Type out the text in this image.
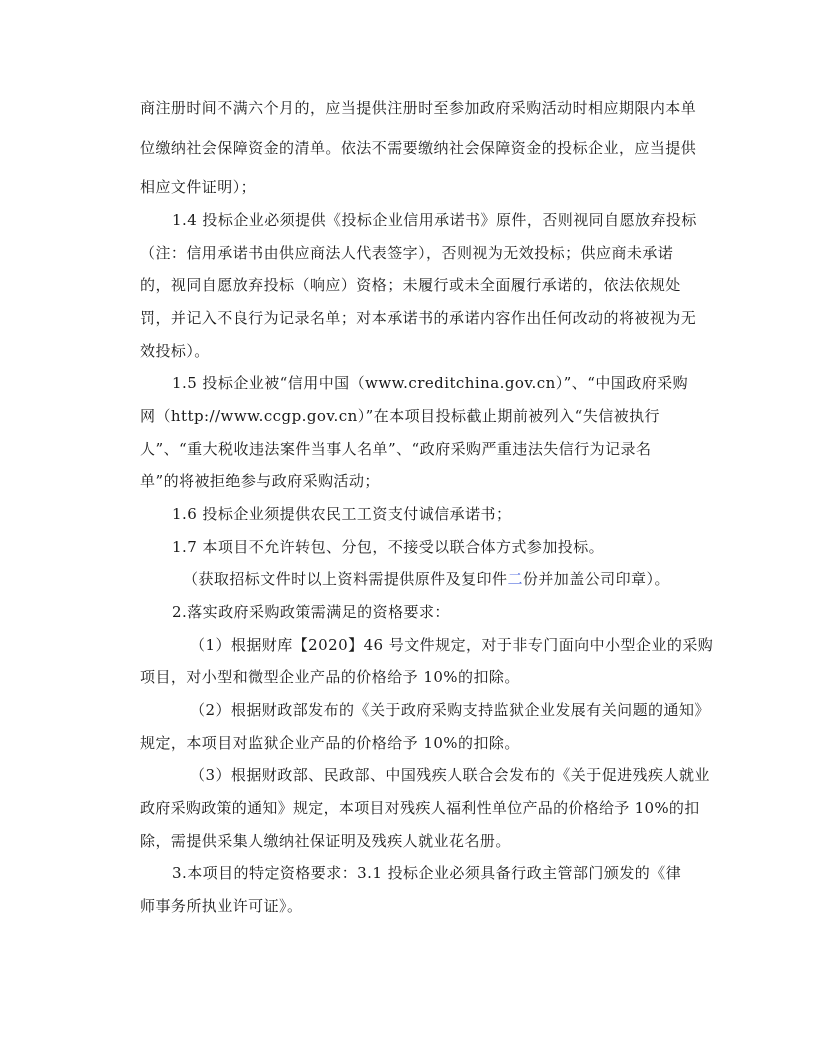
商注册时间不满六个月的，应当提供注册时至参加政府采购活动时相应期限内本单
位缴纳社会保障资金的清单。依法不需要缴纳社会保障资金的投标企业，应当提供
相应文件证明）；
1.4 投标企业必须提供《投标企业信用承诺书》原件，否则视同自愿放弃投标
（注：信用承诺书由供应商法人代表签字），否则视为无效投标；供应商未承诺
的，视同自愿放弃投标（响应）资格；未履行或未全面履行承诺的，依法依规处
罚，并记入不良行为记录名单；对本承诺书的承诺内容作出任何改动的将被视为无
效投标）。
1.5 投标企业被“信用中国（www.creditchina.gov.cn）”、“中国政府采购
网（http://www.ccgp.gov.cn）”在本项目投标截止期前被列入“失信被执行
人”、“重大税收违法案件当事人名单”、“政府采购严重违法失信行为记录名
单”的将被拒绝参与政府采购活动；
1.6 投标企业须提供农民工工资支付诚信承诺书；
1.7 本项目不允许转包、分包，不接受以联合体方式参加投标。
（获取招标文件时以上资料需提供原件及复印件二份并加盖公司印章）。
2.落实政府采购政策需满足的资格要求：
（1）根据财库【2020】46 号文件规定，对于非专门面向中小型企业的采购
项目，对小型和微型企业产品的价格给予 10%的扣除。
（2）根据财政部发布的《关于政府采购支持监狱企业发展有关问题的通知》
规定，本项目对监狱企业产品的价格给予 10%的扣除。
（3）根据财政部、民政部、中国残疾人联合会发布的《关于促进残疾人就业
政府采购政策的通知》规定，本项目对残疾人福利性单位产品的价格给予 10%的扣
除，需提供采集人缴纳社保证明及残疾人就业花名册。
3.本项目的特定资格要求：3.1 投标企业必须具备行政主管部门颁发的《律
师事务所执业许可证》。
